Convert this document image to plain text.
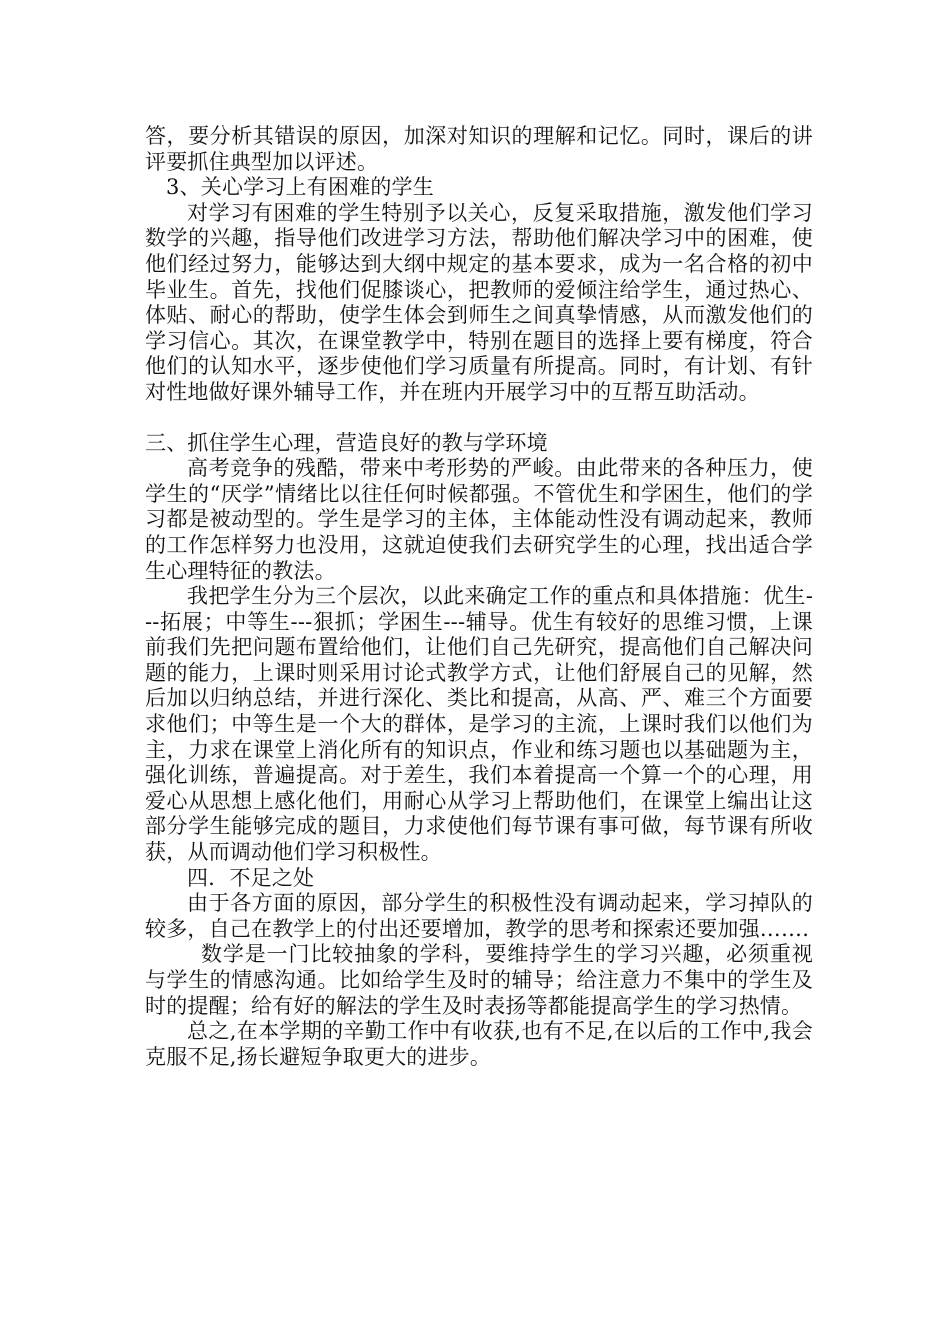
答，要分析其错误的原因，加深对知识的理解和记忆。同时，课后的讲评要抓住典型加以评述。

3、关心学习上有困难的学生

对学习有困难的学生特别予以关心，反复采取措施，激发他们学习数学的兴趣，指导他们改进学习方法，帮助他们解决学习中的困难，使他们经过努力，能够达到大纲中规定的基本要求，成为一名合格的初中毕业生。首先，找他们促膝谈心，把教师的爱倾注给学生，通过热心、体贴、耐心的帮助，使学生体会到师生之间真挚情感，从而激发他们的学习信心。其次，在课堂教学中，特别在题目的选择上要有梯度，符合他们的认知水平，逐步使他们学习质量有所提高。同时，有计划、有针对性地做好课外辅导工作，并在班内开展学习中的互帮互助活动。

三、抓住学生心理，营造良好的教与学环境

高考竞争的残酷，带来中考形势的严峻。由此带来的各种压力，使学生的“厌学”情绪比以往任何时候都强。不管优生和学困生，他们的学习都是被动型的。学生是学习的主体，主体能动性没有调动起来，教师的工作怎样努力也没用，这就迫使我们去研究学生的心理，找出适合学生心理特征的教法。

我把学生分为三个层次，以此来确定工作的重点和具体措施：优生---拓展；中等生---狠抓；学困生---辅导。优生有较好的思维习惯，上课前我们先把问题布置给他们，让他们自己先研究，提高他们自己解决问题的能力，上课时则采用讨论式教学方式，让他们舒展自己的见解，然后加以归纳总结，并进行深化、类比和提高，从高、严、难三个方面要求他们；中等生是一个大的群体，是学习的主流，上课时我们以他们为主，力求在课堂上消化所有的知识点，作业和练习题也以基础题为主，强化训练，普遍提高。对于差生，我们本着提高一个算一个的心理，用爱心从思想上感化他们，用耐心从学习上帮助他们，在课堂上编出让这部分学生能够完成的题目，力求使他们每节课有事可做，每节课有所收获，从而调动他们学习积极性。

四．不足之处

由于各方面的原因，部分学生的积极性没有调动起来，学习掉队的较多，自己在教学上的付出还要增加，教学的思考和探索还要加强…….

数学是一门比较抽象的学科，要维持学生的学习兴趣，必须重视与学生的情感沟通。比如给学生及时的辅导；给注意力不集中的学生及时的提醒；给有好的解法的学生及时表扬等都能提高学生的学习热情。

总之,在本学期的辛勤工作中有收获,也有不足,在以后的工作中,我会克服不足,扬长避短争取更大的进步。
